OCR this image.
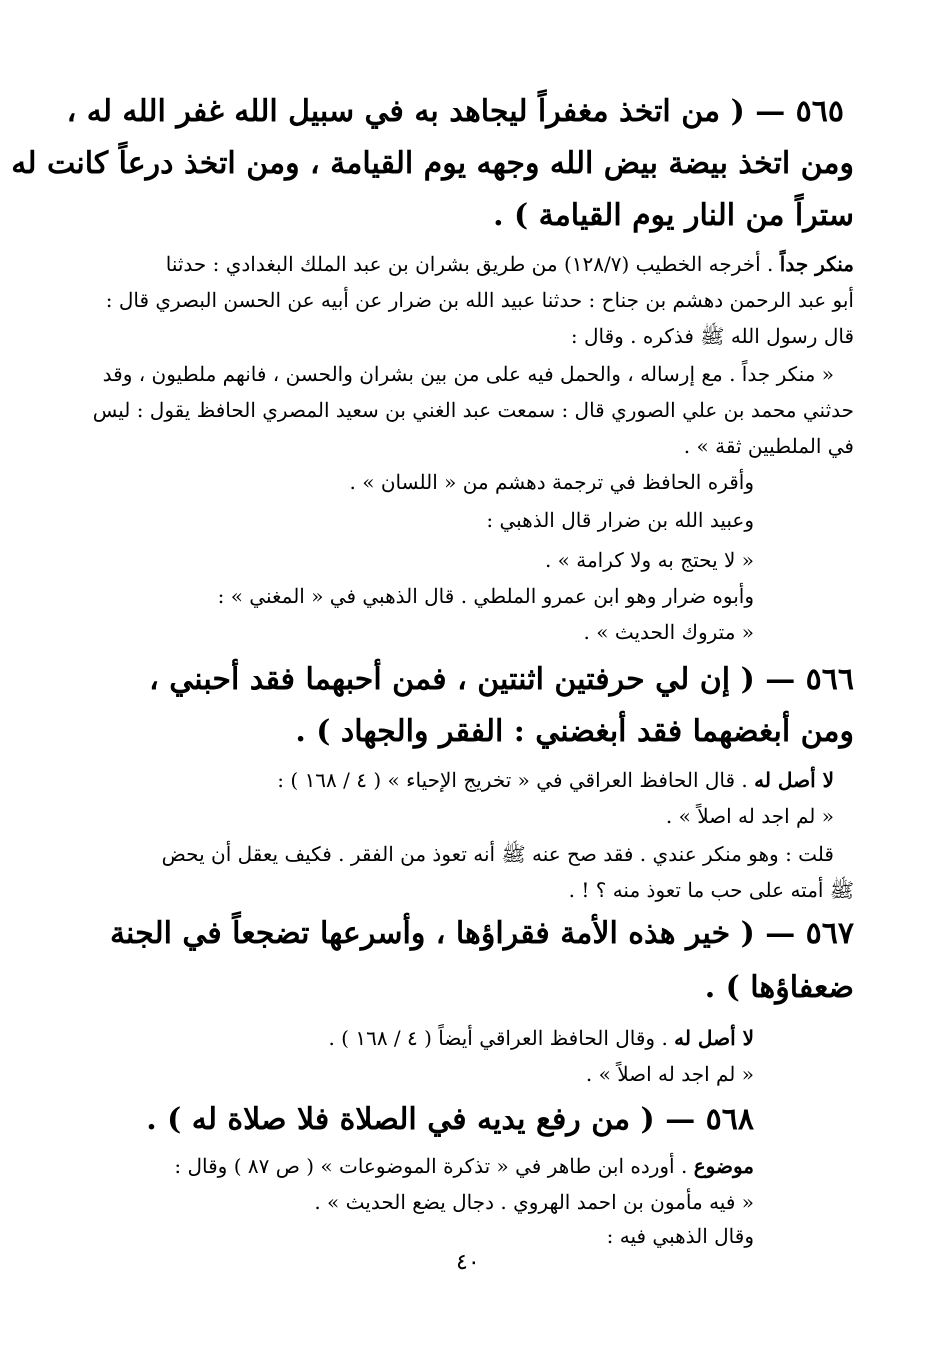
٥٦٥ — ( من اتخذ مغفراً ليجاهد به في سبيل الله غفر الله له ،

ومن اتخذ بيضة بيض الله وجهه يوم القيامة ، ومن اتخذ درعاً كانت له

ستراً من النار يوم القيامة ) .

منكر جداً . أخرجه الخطيب (١٢٨/٧) من طريق بشران بن عبد الملك البغدادي : حدثنا

أبو عبد الرحمن دهشم بن جناح : حدثنا عبيد الله بن ضرار عن أبيه عن الحسن البصري قال :

قال رسول الله ﷺ فذكره . وقال :

« منكر جداً . مع إرساله ، والحمل فيه على من بين بشران والحسن ، فانهم ملطيون ، وقد

حدثني محمد بن علي الصوري قال : سمعت عبد الغني بن سعيد المصري الحافظ يقول : ليس

في الملطيين ثقة » .

وأقره الحافظ في ترجمة دهشم من « اللسان » .

وعبيد الله بن ضرار قال الذهبي :

« لا يحتج به ولا كرامة » .

وأبوه ضرار وهو ابن عمرو الملطي . قال الذهبي في « المغني » :

« متروك الحديث » .

٥٦٦ — ( إن لي حرفتين اثنتين ، فمن أحبهما فقد أحبني ،

ومن أبغضهما فقد أبغضني : الفقر والجهاد ) .

لا أصل له . قال الحافظ العراقي في « تخريج الإحياء » ( ٤ / ١٦٨ ) :

« لم اجد له اصلاً » .

قلت : وهو منكر عندي . فقد صح عنه ﷺ أنه تعوذ من الفقر . فكيف يعقل أن يحض

ﷺ أمته على حب ما تعوذ منه ؟ ! .

٥٦٧ — ( خير هذه الأمة فقراؤها ، وأسرعها تضجعاً في الجنة

ضعفاؤها ) .

لا أصل له . وقال الحافظ العراقي أيضاً ( ٤ / ١٦٨ ) .

« لم اجد له اصلاً » .

٥٦٨ — ( من رفع يديه في الصلاة فلا صلاة له ) .

موضوع . أورده ابن طاهر في « تذكرة الموضوعات » ( ص ٨٧ ) وقال :

« فيه مأمون بن احمد الهروي . دجال يضع الحديث » .

وقال الذهبي فيه :

٤٠
